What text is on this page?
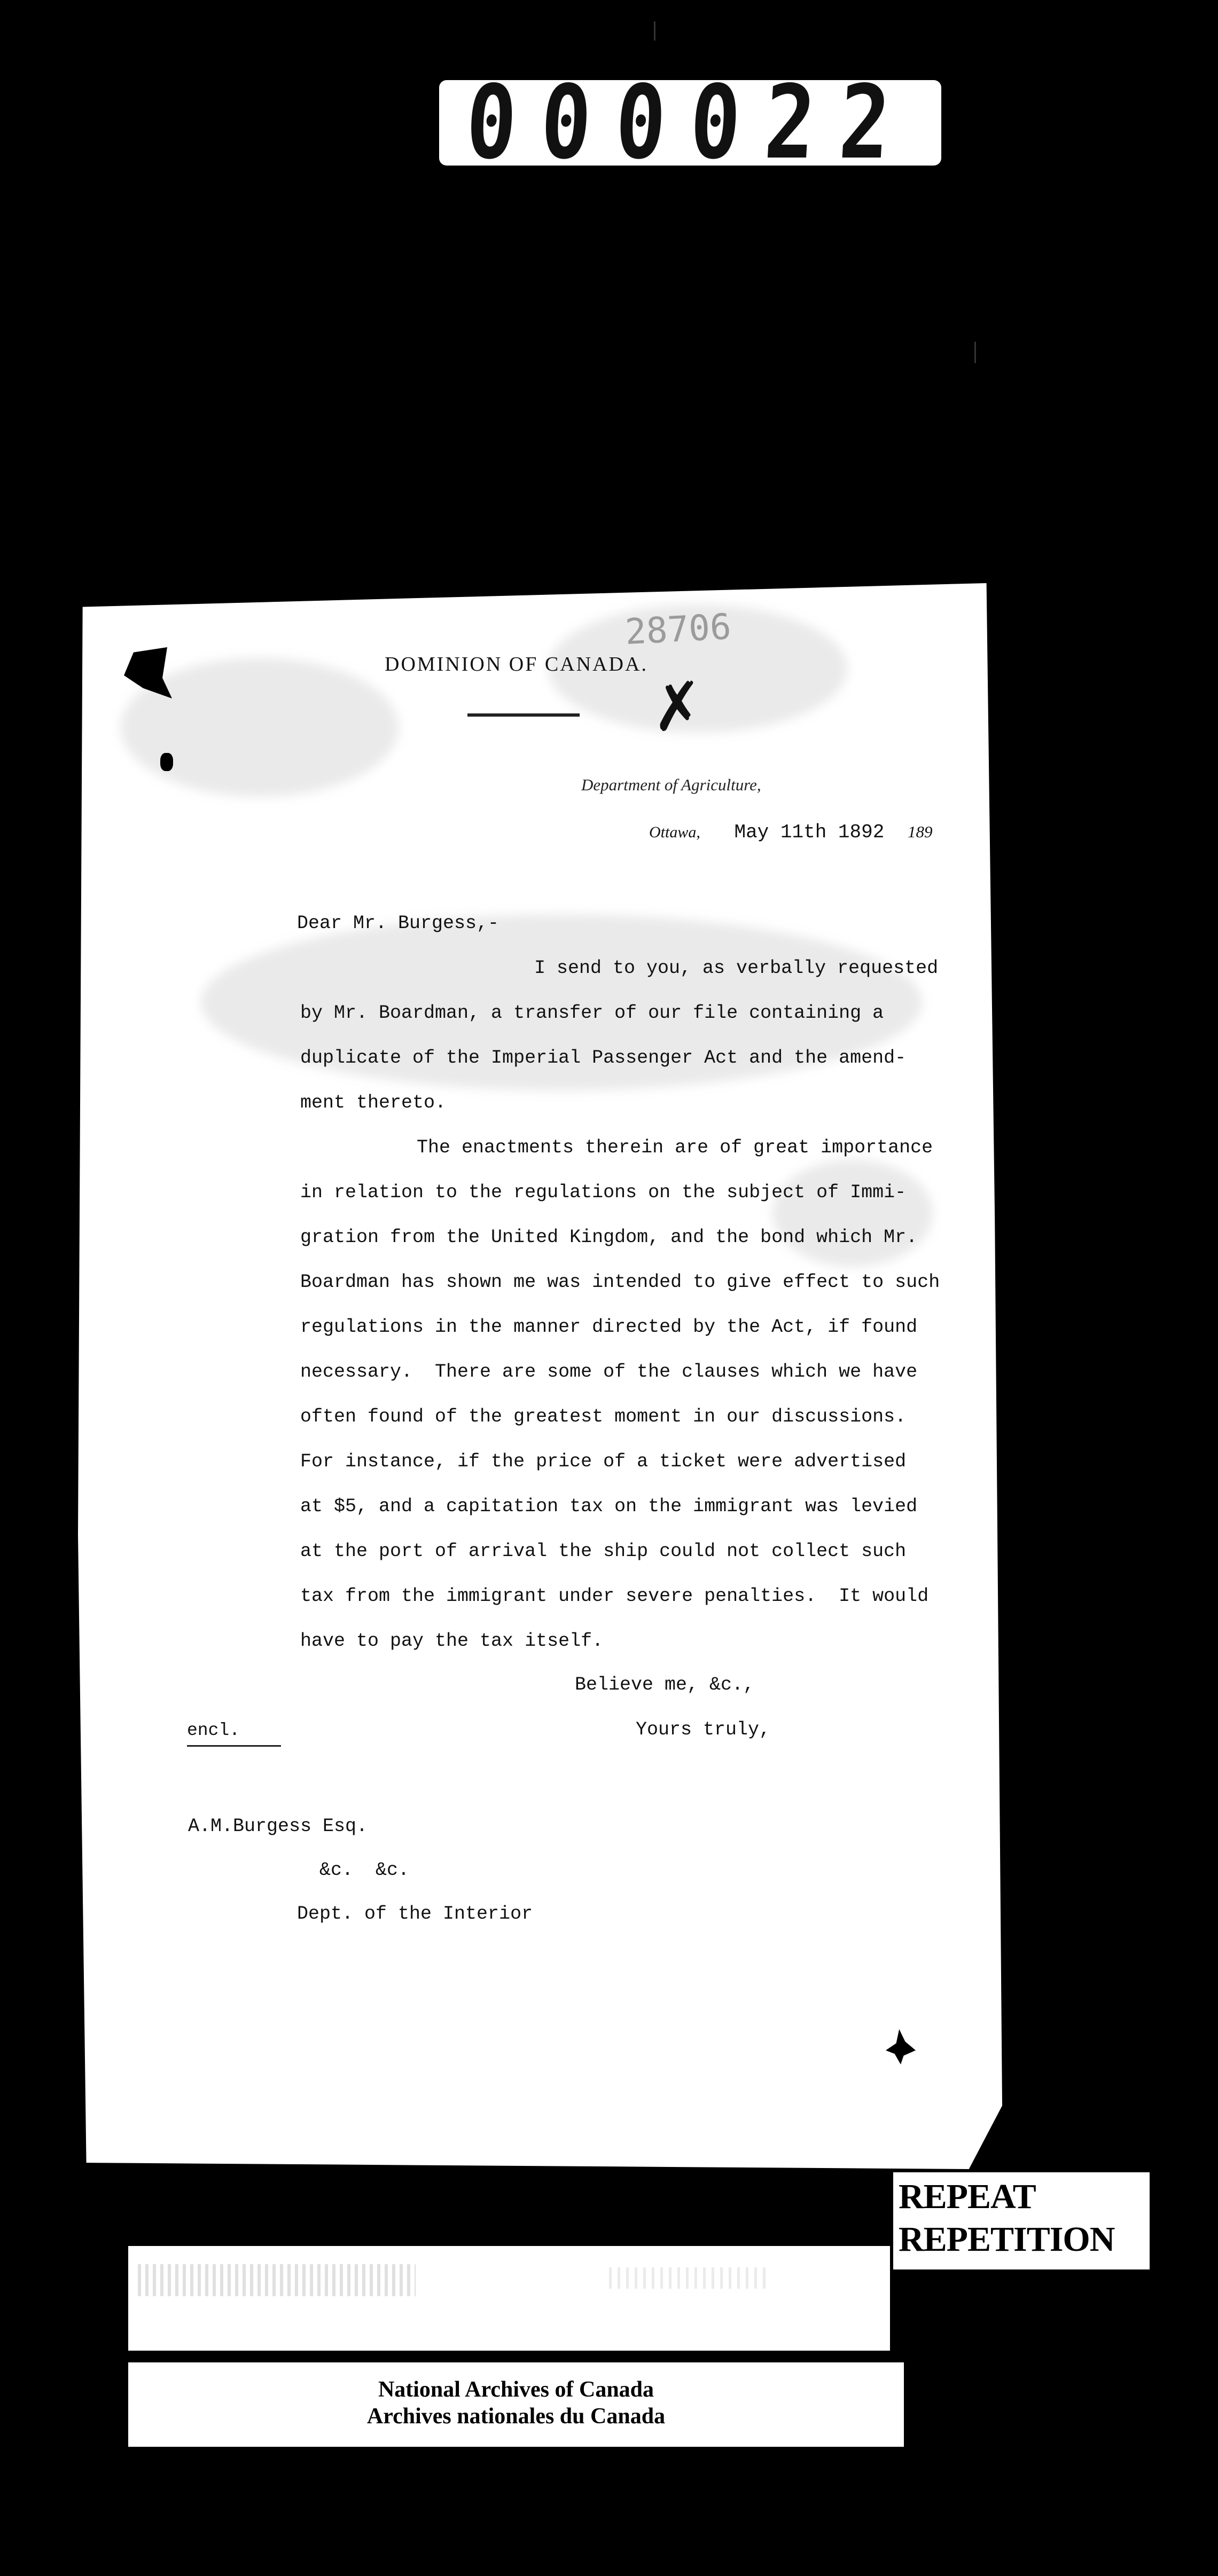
000022
28706
DOMINION OF CANADA.
✗
Department of Agriculture,
Ottawa, May 11th 1892 189
Dear Mr. Burgess,-
I send to you, as verbally requested
by Mr. Boardman, a transfer of our file containing a
duplicate of the Imperial Passenger Act and the amend-
ment thereto.
The enactments therein are of great importance
in relation to the regulations on the subject of Immi-
gration from the United Kingdom, and the bond which Mr.
Boardman has shown me was intended to give effect to such
regulations in the manner directed by the Act, if found
necessary.  There are some of the clauses which we have
often found of the greatest moment in our discussions.
For instance, if the price of a ticket were advertised
at $5, and a capitation tax on the immigrant was levied
at the port of arrival the ship could not collect such
tax from the immigrant under severe penalties.  It would
have to pay the tax itself.
Believe me, &c.,
Yours truly,
encl.
A.M.Burgess Esq.
&c.  &c.
Dept. of the Interior
REPEAT
REPETITION
National Archives of Canada
Archives nationales du Canada
